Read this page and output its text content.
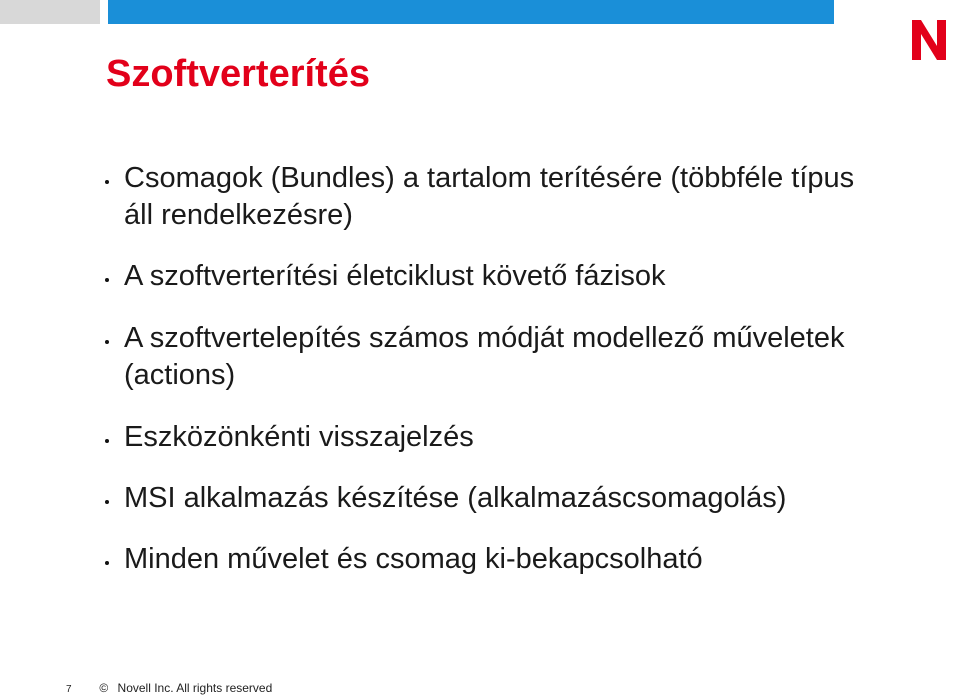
Szoftverterítés
Csomagok (Bundles) a tartalom terítésére (többféle típus áll rendelkezésre)
A szoftverterítési életciklust követő fázisok
A szoftvertelepítés számos módját modellező műveletek (actions)
Eszközönkénti visszajelzés
MSI alkalmazás készítése (alkalmazáscsomagolás)
Minden művelet és csomag ki-bekapcsolható
7 © Novell Inc. All rights reserved
